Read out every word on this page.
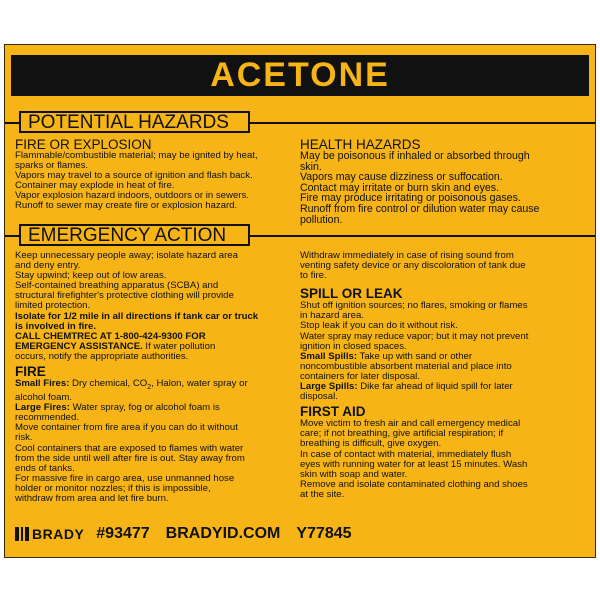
ACETONE
POTENTIAL HAZARDS

FIRE OR EXPLOSION

Flammable/combustible material; may be ignited by heat,

sparks or flames.

Vapors may travel to a source of ignition and flash back.

Container may explode in heat of fire.

Vapor explosion hazard indoors, outdoors or in sewers.

Runoff to sewer may create fire or explosion hazard.

HEALTH HAZARDS

May be poisonous if inhaled or absorbed through

skin.

Vapors may cause dizziness or suffocation.

Contact may irritate or burn skin and eyes.

Fire may produce irritating or poisonous gases.

Runoff from fire control or dilution water may cause

pollution.

EMERGENCY ACTION

Keep unnecessary people away; isolate hazard area

and deny entry.

Stay upwind; keep out of low areas.

Self-contained breathing apparatus (SCBA) and

structural firefighter's protective clothing will provide

limited protection.

Isolate for 1/2 mile in all directions if tank car or truck

is involved in fire.

CALL CHEMTREC AT 1-800-424-9300 FOR

EMERGENCY ASSISTANCE. If water pollution

occurs, notify the appropriate authorities.

FIRE

Small Fires: Dry chemical, $CO_2$, Halon, water spray or

alcohol foam.

Large Fires: Water spray, fog or alcohol foam is

recommended.

Move container from fire area if you can do it without

risk.

Cool containers that are exposed to flames with water

from the side until well after fire is out. Stay away from

ends of tanks.

For massive fire in cargo area, use unmanned hose

holder or monitor nozzles; if this is impossible,

withdraw from area and let fire burn.

Withdraw immediately in case of rising sound from

venting safety device or any discoloration of tank due

to fire.

SPILL OR LEAK

Shut off ignition sources; no flares, smoking or flames

in hazard area.

Stop leak if you can do it without risk.

Water spray may reduce vapor; but it may not prevent

ignition in closed spaces.

Small Spills: Take up with sand or other

noncombustible absorbent material and place into

containers for later disposal.

Large Spills: Dike far ahead of liquid spill for later

disposal.

FIRST AID

Move victim to fresh air and call emergency medical

care; if not breathing, give artificial respiration; if

breathing is difficult, give oxygen.

In case of contact with material, immediately flush

eyes with running water for at least 15 minutes. Wash

skin with soap and water.

Remove and isolate contaminated clothing and shoes

at the site.

BRADY #93477 BRADYID.COM Y77845
